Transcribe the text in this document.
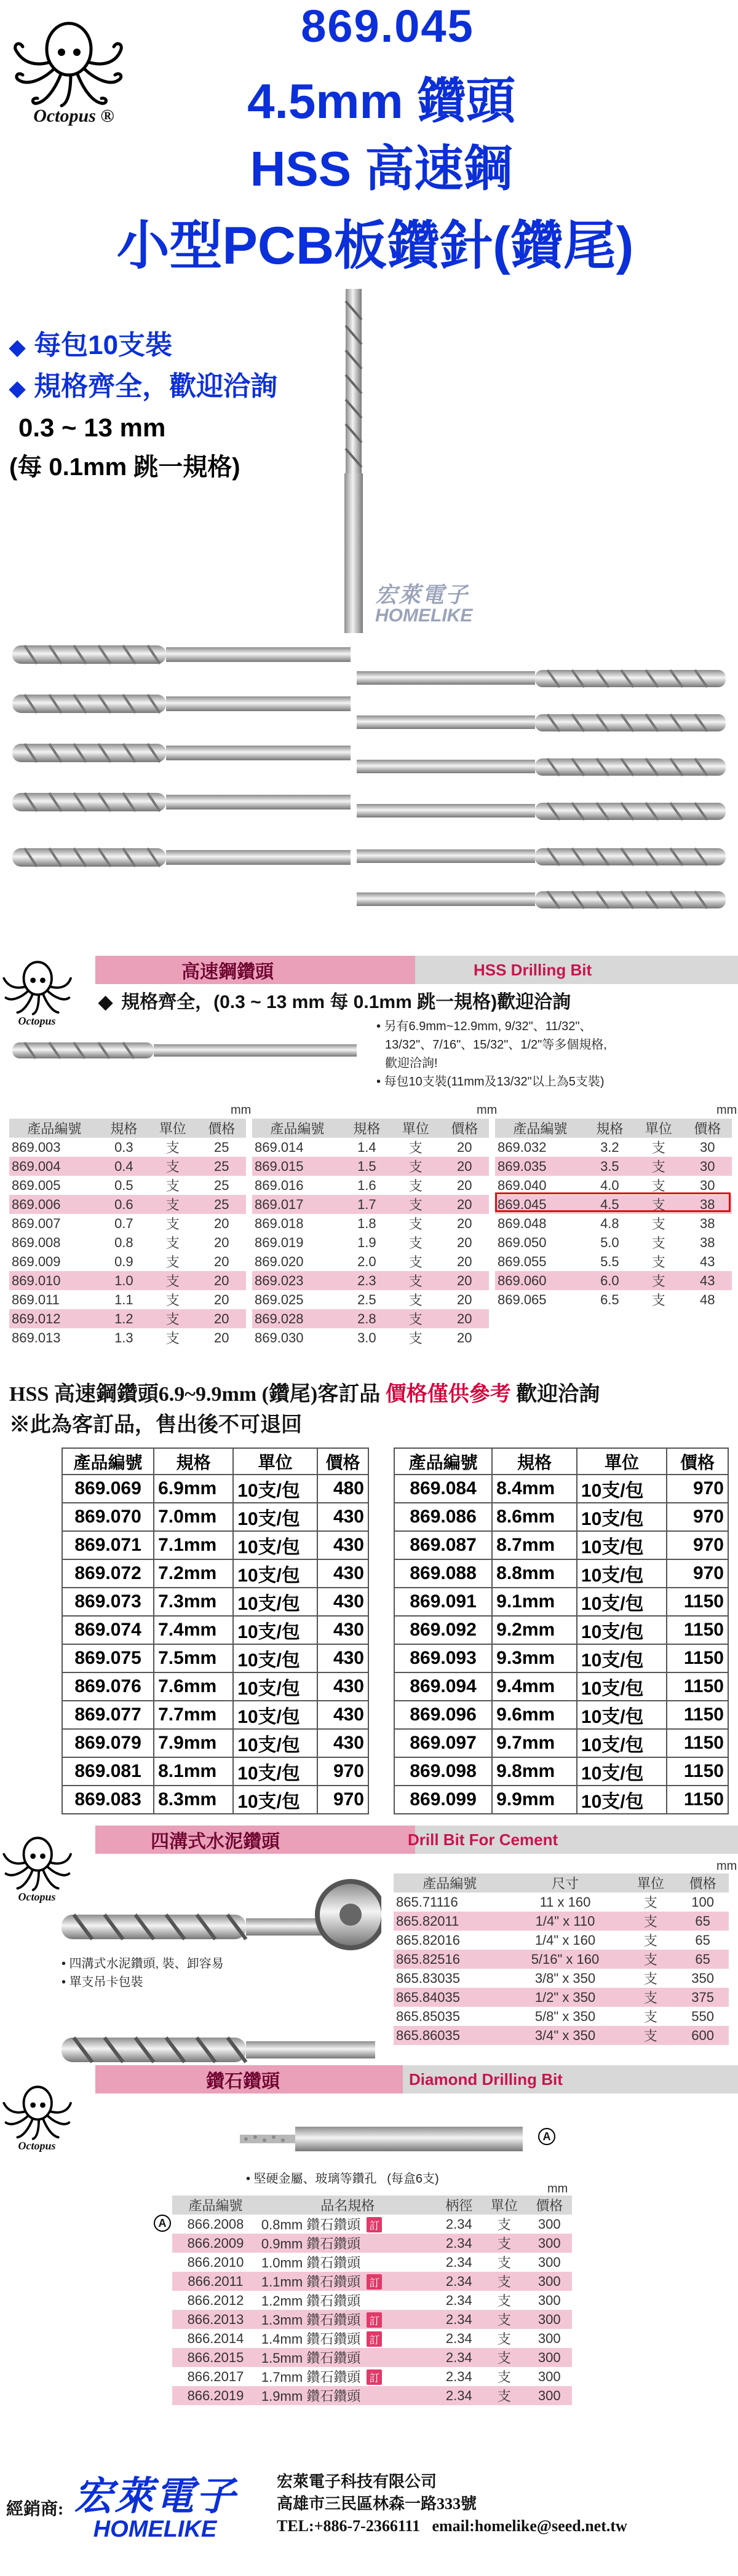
Octopus ®
869.045
4.5mm 鑽頭
HSS 高速鋼
小型PCB板鑽針(鑽尾)
◆ 每包10支裝
◆ 規格齊全，歡迎洽詢
0.3 ~ 13 mm
(每 0.1mm 跳一規格)
宏萊電子
HOMELIKE
高速鋼鑽頭	HSS Drilling Bit
Octopus
◆ 規格齊全，(0.3 ~ 13 mm 每 0.1mm 跳一規格)歡迎洽詢
• 另有6.9mm~12.9mm, 9/32"、11/32"、
13/32"、7/16"、15/32"、1/2"等多個規格,
歡迎洽詢!
• 每包10支裝(11mm及13/32"以上為5支裝)
mm	mm	mm
產品編號	規格	單位	價格
869.003	0.3	支	25
869.004	0.4	支	25
869.005	0.5	支	25
869.006	0.6	支	25
869.007	0.7	支	20
869.008	0.8	支	20
869.009	0.9	支	20
869.010	1.0	支	20
869.011	1.1	支	20
869.012	1.2	支	20
869.013	1.3	支	20
產品編號	規格	單位	價格
869.014	1.4	支	20
869.015	1.5	支	20
869.016	1.6	支	20
869.017	1.7	支	20
869.018	1.8	支	20
869.019	1.9	支	20
869.020	2.0	支	20
869.023	2.3	支	20
869.025	2.5	支	20
869.028	2.8	支	20
869.030	3.0	支	20
產品編號	規格	單位	價格
869.032	3.2	支	30
869.035	3.5	支	30
869.040	4.0	支	30
869.045	4.5	支	38
869.048	4.8	支	38
869.050	5.0	支	38
869.055	5.5	支	43
869.060	6.0	支	43
869.065	6.5	支	48
HSS 高速鋼鑽頭6.9~9.9mm (鑽尾)客訂品 價格僅供參考 歡迎洽詢
※此為客訂品，售出後不可退回
產品編號	規格	單位	價格
869.069	6.9mm	10支/包	480
869.070	7.0mm	10支/包	430
869.071	7.1mm	10支/包	430
869.072	7.2mm	10支/包	430
869.073	7.3mm	10支/包	430
869.074	7.4mm	10支/包	430
869.075	7.5mm	10支/包	430
869.076	7.6mm	10支/包	430
869.077	7.7mm	10支/包	430
869.079	7.9mm	10支/包	430
869.081	8.1mm	10支/包	970
869.083	8.3mm	10支/包	970
產品編號	規格	單位	價格
869.084	8.4mm	10支/包	970
869.086	8.6mm	10支/包	970
869.087	8.7mm	10支/包	970
869.088	8.8mm	10支/包	970
869.091	9.1mm	10支/包	1150
869.092	9.2mm	10支/包	1150
869.093	9.3mm	10支/包	1150
869.094	9.4mm	10支/包	1150
869.096	9.6mm	10支/包	1150
869.097	9.7mm	10支/包	1150
869.098	9.8mm	10支/包	1150
869.099	9.9mm	10支/包	1150
四溝式水泥鑽頭	Drill Bit For Cement
Octopus
• 四溝式水泥鑽頭, 裝、卸容易
• 單支吊卡包裝
mm
產品編號	尺寸	單位	價格
865.71116	11 x 160	支	100
865.82011	1/4" x 110	支	65
865.82016	1/4" x 160	支	65
865.82516	5/16" x 160	支	65
865.83035	3/8" x 350	支	350
865.84035	1/2" x 350	支	375
865.85035	5/8" x 350	支	550
865.86035	3/4" x 350	支	600
鑽石鑽頭	Diamond Drilling Bit
Octopus
A
• 堅硬金屬、玻璃等鑽孔 (每盒6支)
mm
A
產品編號	品名規格	柄徑	單位	價格
866.2008	0.8mm 鑽石鑽頭 訂	2.34	支	300
866.2009	0.9mm 鑽石鑽頭	2.34	支	300
866.2010	1.0mm 鑽石鑽頭	2.34	支	300
866.2011	1.1mm 鑽石鑽頭 訂	2.34	支	300
866.2012	1.2mm 鑽石鑽頭	2.34	支	300
866.2013	1.3mm 鑽石鑽頭 訂	2.34	支	300
866.2014	1.4mm 鑽石鑽頭 訂	2.34	支	300
866.2015	1.5mm 鑽石鑽頭	2.34	支	300
866.2017	1.7mm 鑽石鑽頭 訂	2.34	支	300
866.2019	1.9mm 鑽石鑽頭	2.34	支	300
經銷商: 宏萊電子
HOMELIKE
宏萊電子科技有限公司
高雄市三民區林森一路333號
TEL:+886-7-2366111 email:homelike@seed.net.tw
